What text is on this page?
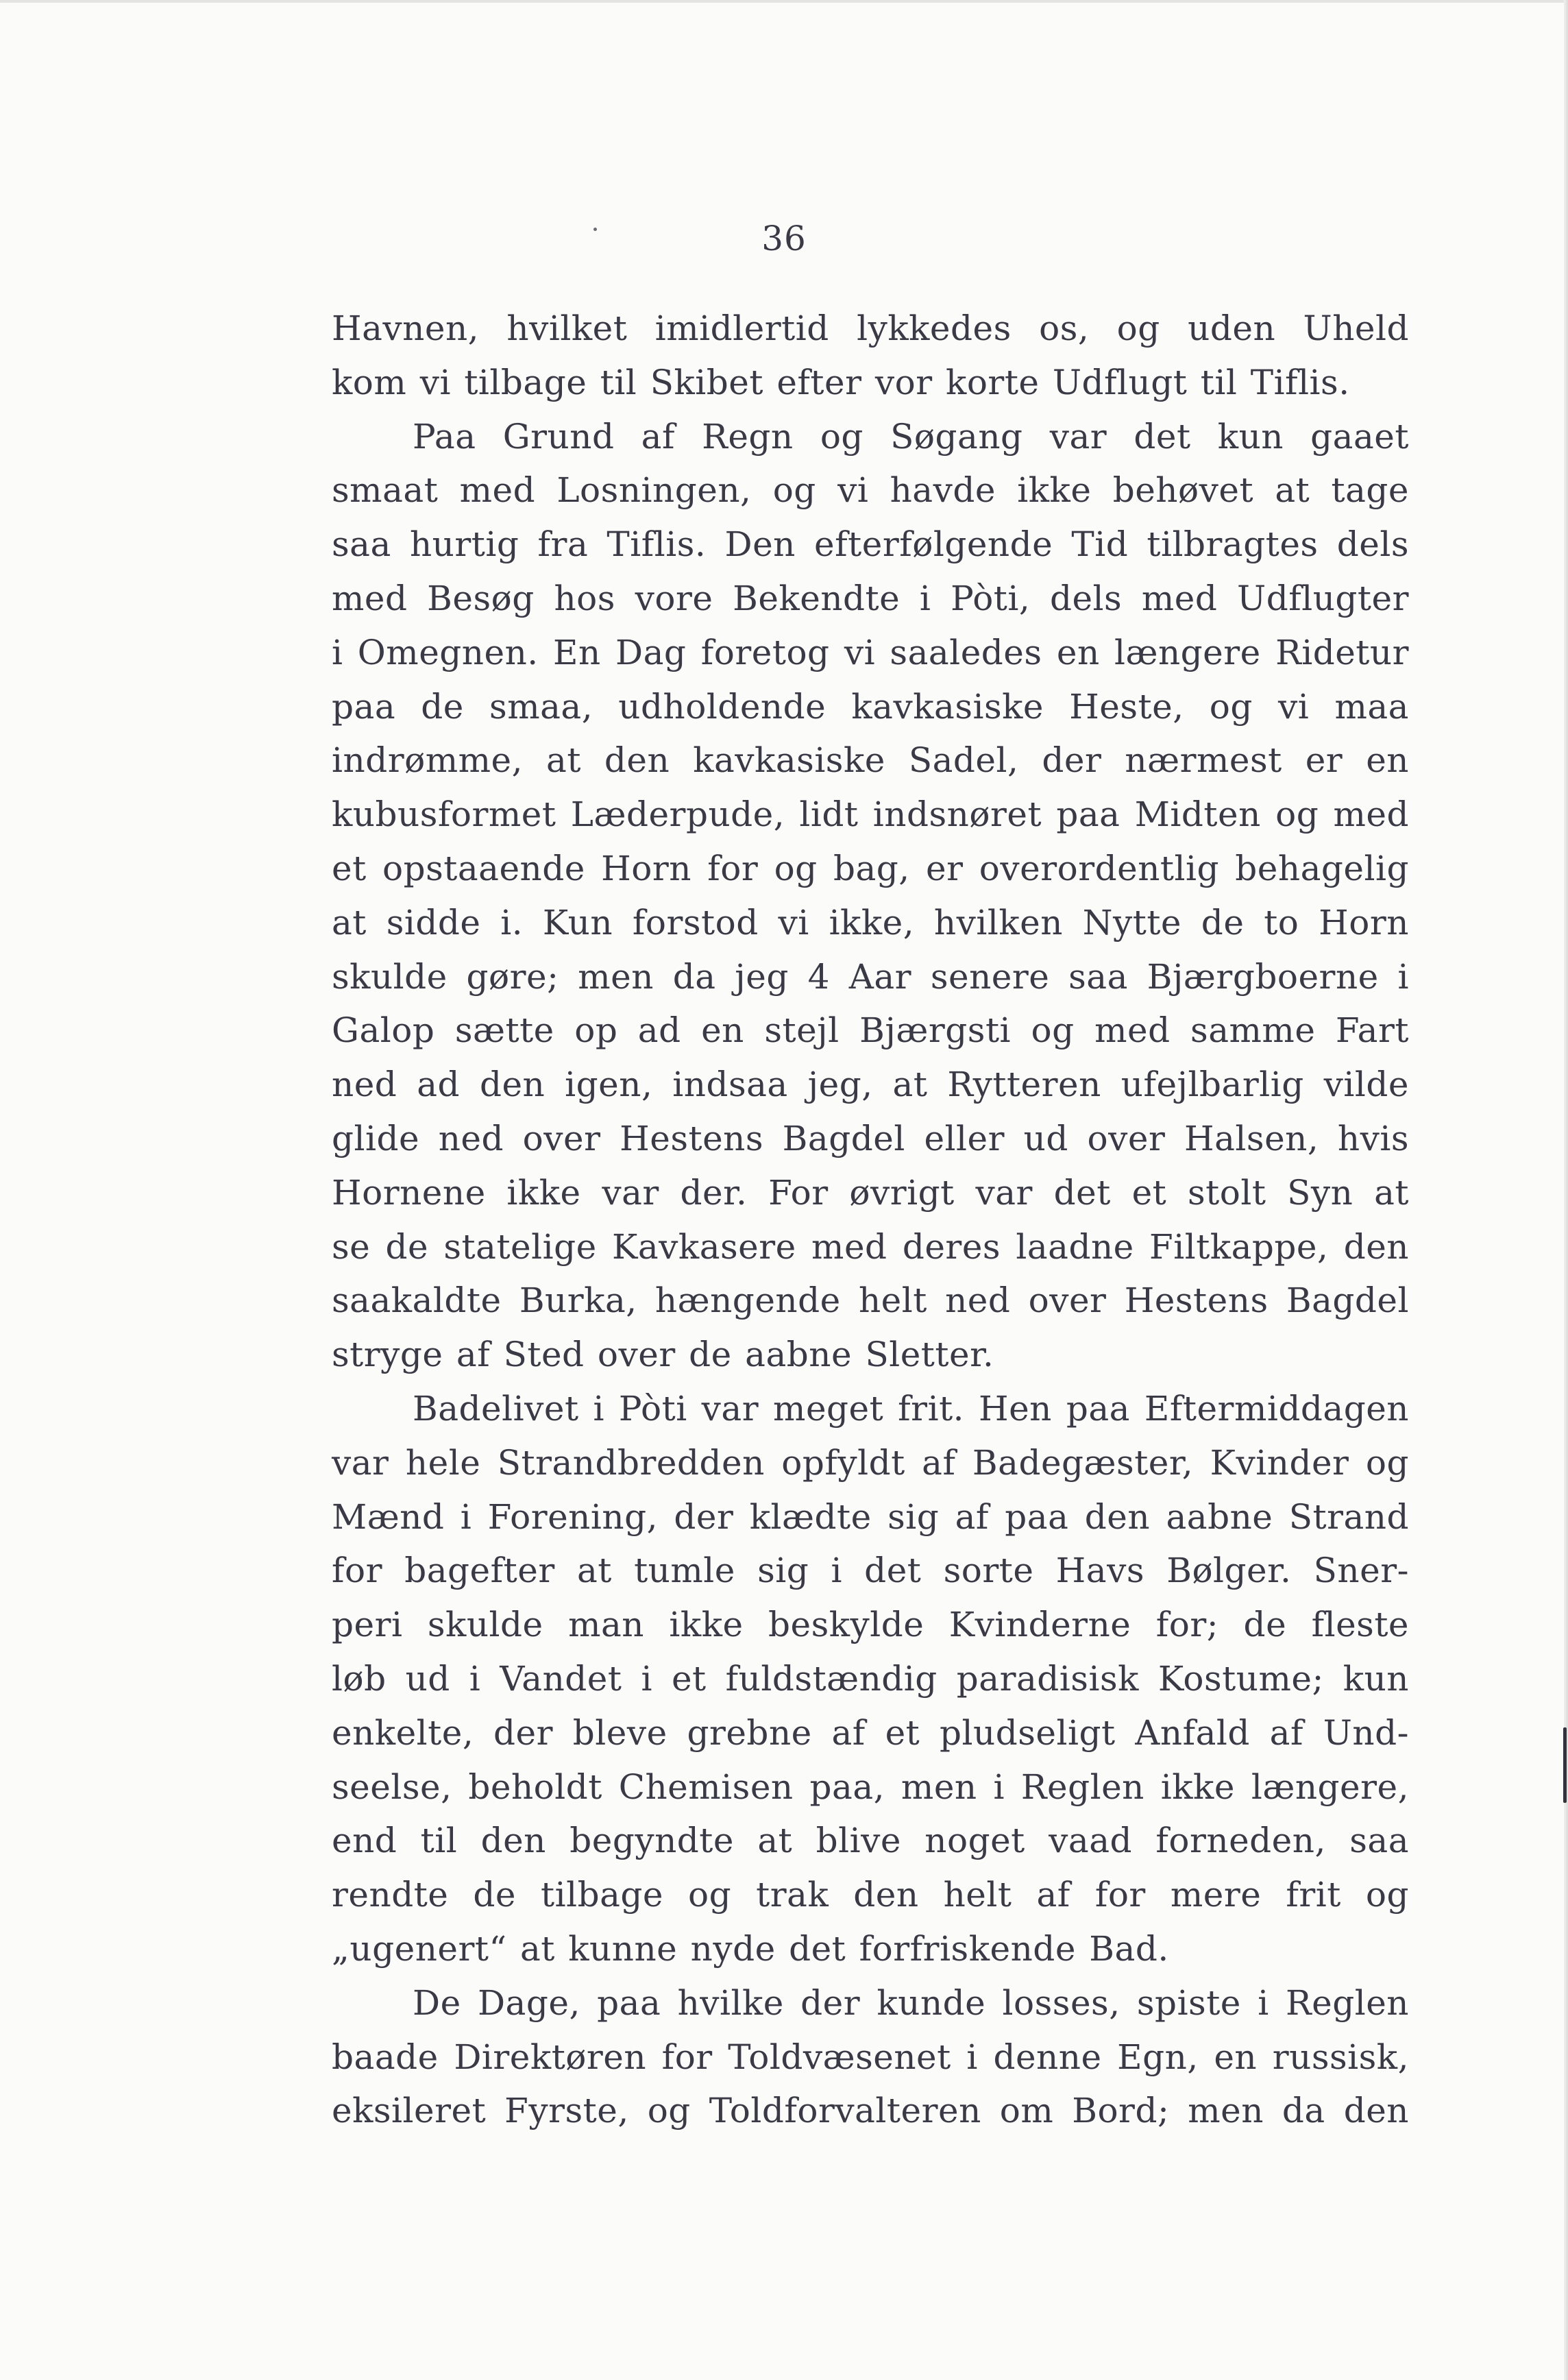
36
Havnen, hvilket imidlertid lykkedes os, og uden Uheld
kom vi tilbage til Skibet efter vor korte Udflugt til Tiflis.
Paa Grund af Regn og Søgang var det kun gaaet
smaat med Losningen, og vi havde ikke behøvet at tage
saa hurtig fra Tiflis. Den efterfølgende Tid tilbragtes dels
med Besøg hos vore Bekendte i Pòti, dels med Udflugter
i Omegnen. En Dag foretog vi saaledes en længere Ridetur
paa de smaa, udholdende kavkasiske Heste, og vi maa
indrømme, at den kavkasiske Sadel, der nærmest er en
kubusformet Læderpude, lidt indsnøret paa Midten og med
et opstaaende Horn for og bag, er overordentlig behagelig
at sidde i. Kun forstod vi ikke, hvilken Nytte de to Horn
skulde gøre; men da jeg 4 Aar senere saa Bjærgboerne i
Galop sætte op ad en stejl Bjærgsti og med samme Fart
ned ad den igen, indsaa jeg, at Rytteren ufejlbarlig vilde
glide ned over Hestens Bagdel eller ud over Halsen, hvis
Hornene ikke var der. For øvrigt var det et stolt Syn at
se de statelige Kavkasere med deres laadne Filtkappe, den
saakaldte Burka, hængende helt ned over Hestens Bagdel
stryge af Sted over de aabne Sletter.
Badelivet i Pòti var meget frit. Hen paa Eftermiddagen
var hele Strandbredden opfyldt af Badegæster, Kvinder og
Mænd i Forening, der klædte sig af paa den aabne Strand
for bagefter at tumle sig i det sorte Havs Bølger. Sner-
peri skulde man ikke beskylde Kvinderne for; de fleste
løb ud i Vandet i et fuldstændig paradisisk Kostume; kun
enkelte, der bleve grebne af et pludseligt Anfald af Und-
seelse, beholdt Chemisen paa, men i Reglen ikke længere,
end til den begyndte at blive noget vaad forneden, saa
rendte de tilbage og trak den helt af for mere frit og
„ugenert“ at kunne nyde det forfriskende Bad.
De Dage, paa hvilke der kunde losses, spiste i Reglen
baade Direktøren for Toldvæsenet i denne Egn, en russisk,
eksileret Fyrste, og Toldforvalteren om Bord; men da den
